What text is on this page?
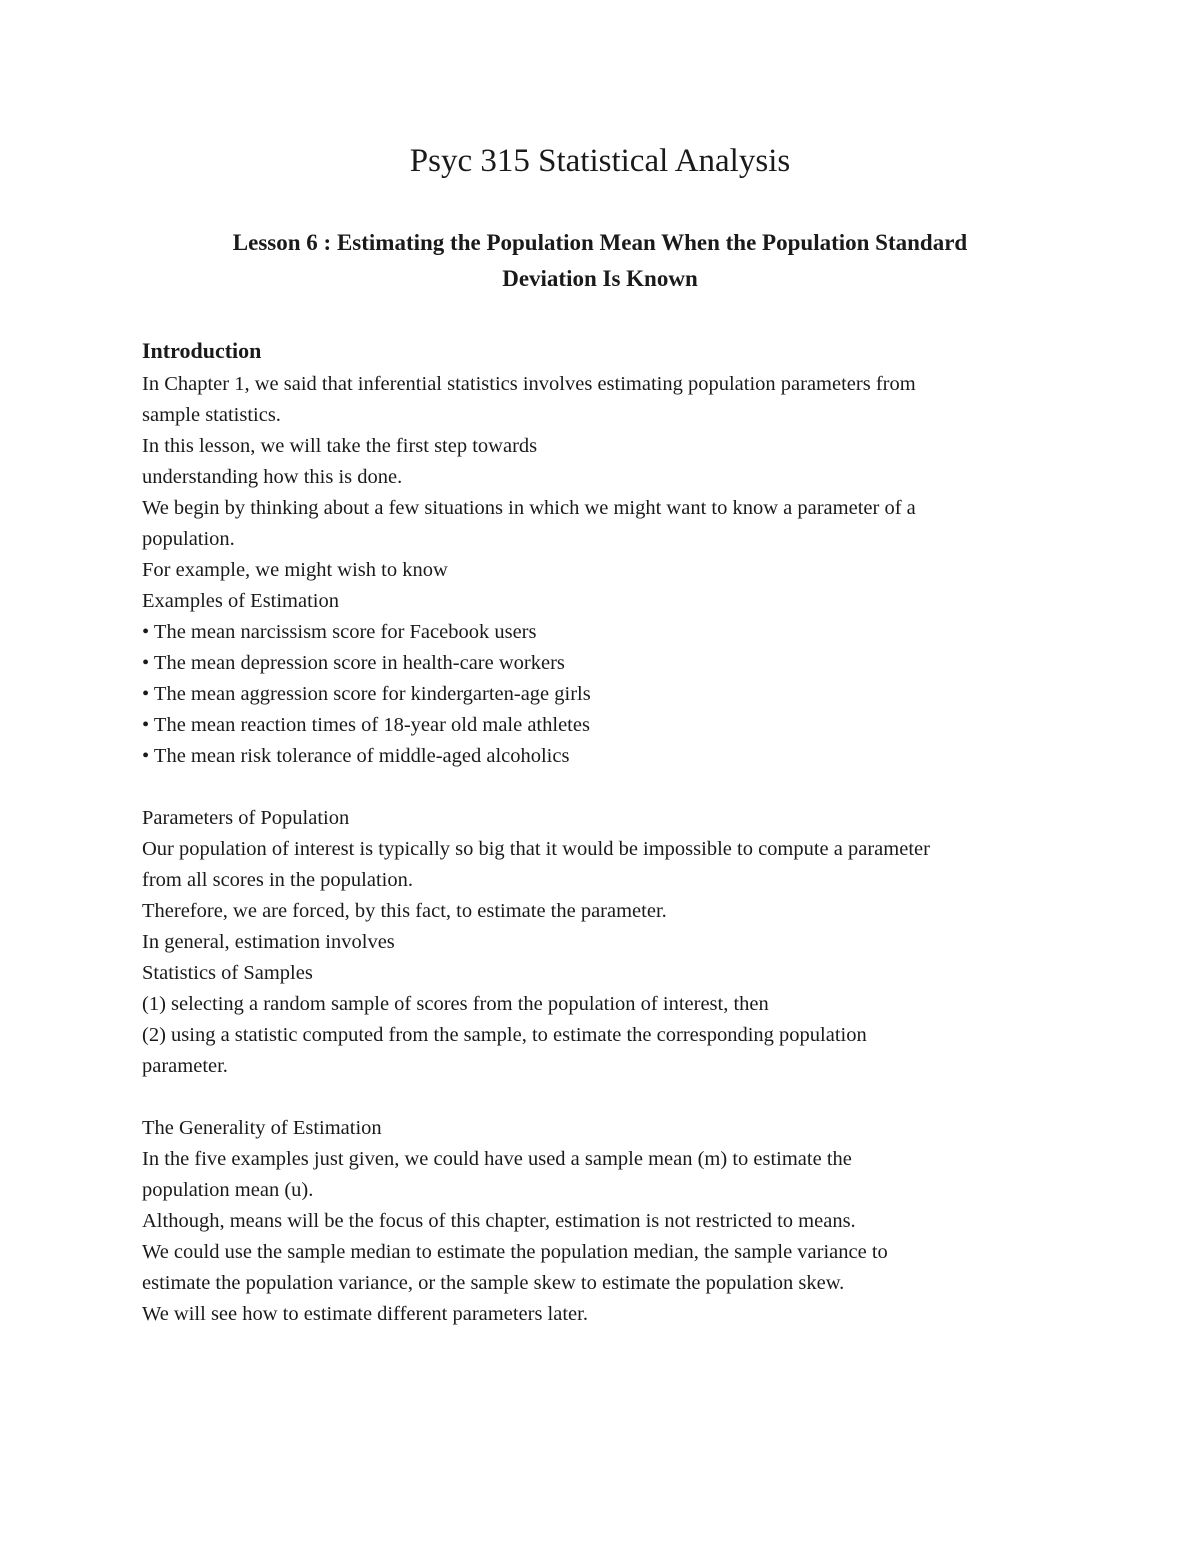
Psyc 315 Statistical Analysis
Lesson 6 : Estimating the Population Mean When the Population Standard
Deviation Is Known
Introduction
In Chapter 1, we said that inferential statistics involves estimating population parameters from
sample statistics.
In this lesson, we will take the first step towards
understanding how this is done.
We begin by thinking about a few situations in which we might want to know a parameter of a
population.
For example, we might wish to know
Examples of Estimation
• The mean narcissism score for Facebook users
• The mean depression score in health-care workers
• The mean aggression score for kindergarten-age girls
• The mean reaction times of 18-year old male athletes
• The mean risk tolerance of middle-aged alcoholics
Parameters of Population
Our population of interest is typically so big that it would be impossible to compute a parameter
from all scores in the population.
Therefore, we are forced, by this fact, to estimate the parameter.
In general, estimation involves
Statistics of Samples
(1) selecting a random sample of scores from the population of interest, then
(2) using a statistic computed from the sample, to estimate the corresponding population
parameter.
The Generality of Estimation
In the five examples just given, we could have used a sample mean (m) to estimate the
population mean (u).
Although, means will be the focus of this chapter, estimation is not restricted to means.
We could use the sample median to estimate the population median, the sample variance to
estimate the population variance, or the sample skew to estimate the population skew.
We will see how to estimate different parameters later.
